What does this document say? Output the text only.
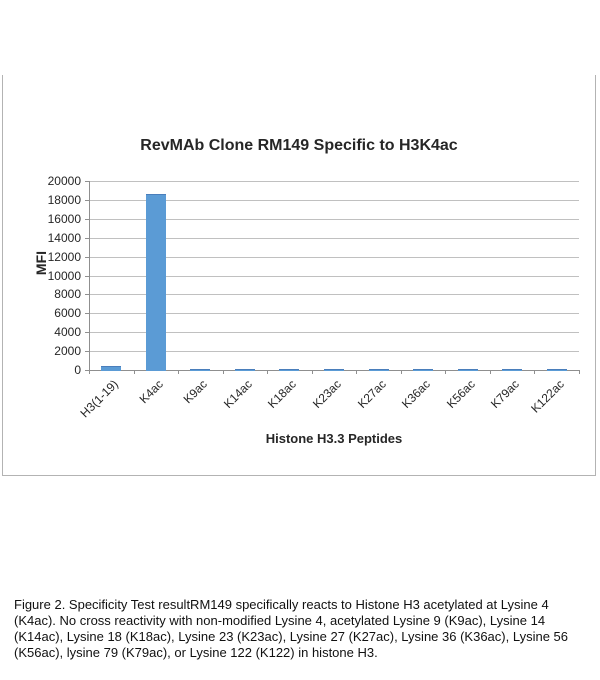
RevMAb Clone RM149 Specific to H3K4ac
MFI
0
2000
4000
6000
8000
10000
12000
14000
16000
18000
20000
H3(1-19)	K4ac	K9ac K14ac K18ac K23ac K27ac K36ac K56ac K79ac K122ac
Histone H3.3 Peptides
Figure 2. Specificity Test resultRM149 specifically reacts to Histone H3 acetylated at Lysine 4 (K4ac). No cross reactivity with non-modified Lysine 4, acetylated Lysine 9 (K9ac), Lysine 14 (K14ac), Lysine 18 (K18ac), Lysine 23 (K23ac), Lysine 27 (K27ac), Lysine 36 (K36ac), Lysine 56 (K56ac), lysine 79 (K79ac), or Lysine 122 (K122) in histone H3.
